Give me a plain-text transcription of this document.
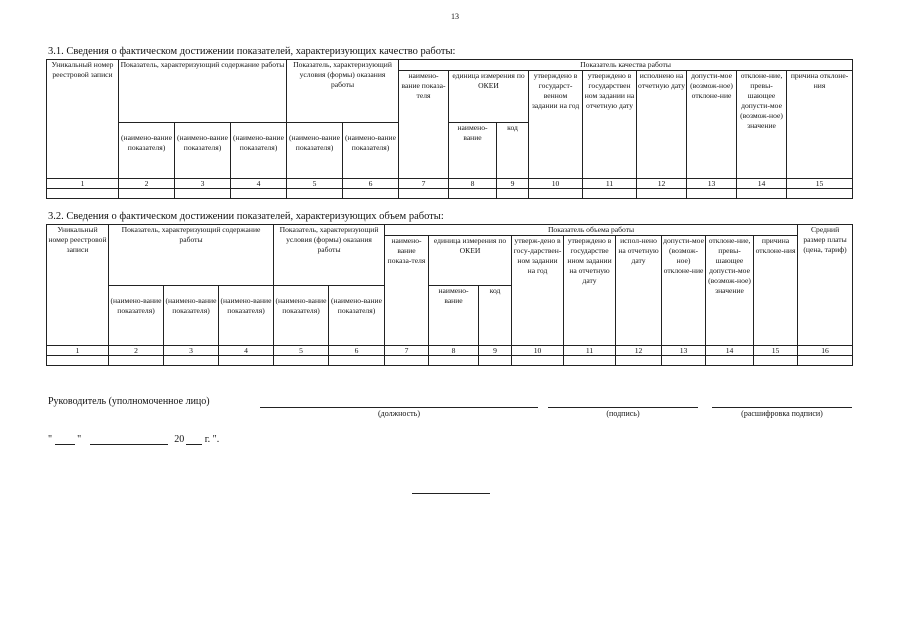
13
3.1. Сведения о фактическом достижении показателей, характеризующих качество работы:
Уникальный номер реестровой записи	Показатель, характеризующий содержание работы			Показатель, характеризующий условия (формы) оказания работы		Показатель качества работы								
						наимено-вание показа-теля	единица измерения по ОКЕИ		утверждено в государст-венном задании на год	утверждено в государствен ном задании на отчетную дату	исполнено на отчетную дату	допусти-мое (возмож-ное) отклоне-ние	отклоне-ние, превы-шающее допусти-мое (возмож-ное) значение	причина отклоне-ния
	(наимено-вание показателя)	(наимено-вание показателя)	(наимено-вание показателя)	(наимено-вание показателя)	(наимено-вание показателя)		наимено-вание	код						
1	2	3	4	5	6	7	8	9	10	11	12	13	14	15

3.2. Сведения о фактическом достижении показателей, характеризующих объем работы:
Уникальный номер реестровой записи	Показатель, характеризующий содержание работы			Показатель, характеризующий условия (формы) оказания работы		Показатель объема работы									Средний размер платы (цена, тариф)
						наимено-вание показа-теля	единица измерения по ОКЕИ		утверж-дено в госу-дарствен-ном задании на год	утверждено в государстве нном задании на отчетную дату	испол-нено на отчетную дату	допусти-мое (возмож-ное) отклоне-ние	отклоне-ние, превы-шающее допусти-мое (возмож-ное) значение	причина отклоне-ния	
	(наимено-вание показателя)	(наимено-вание показателя)	(наимено-вание показателя)	(наимено-вание показателя)	(наимено-вание показателя)		наимено-вание	код							
1	2	3	4	5	6	7	8	9	10	11	12	13	14	15	16

Руководитель (уполномоченное лицо)
(должность)	(подпись)	(расшифровка подписи)
"	"	20 г. ".
